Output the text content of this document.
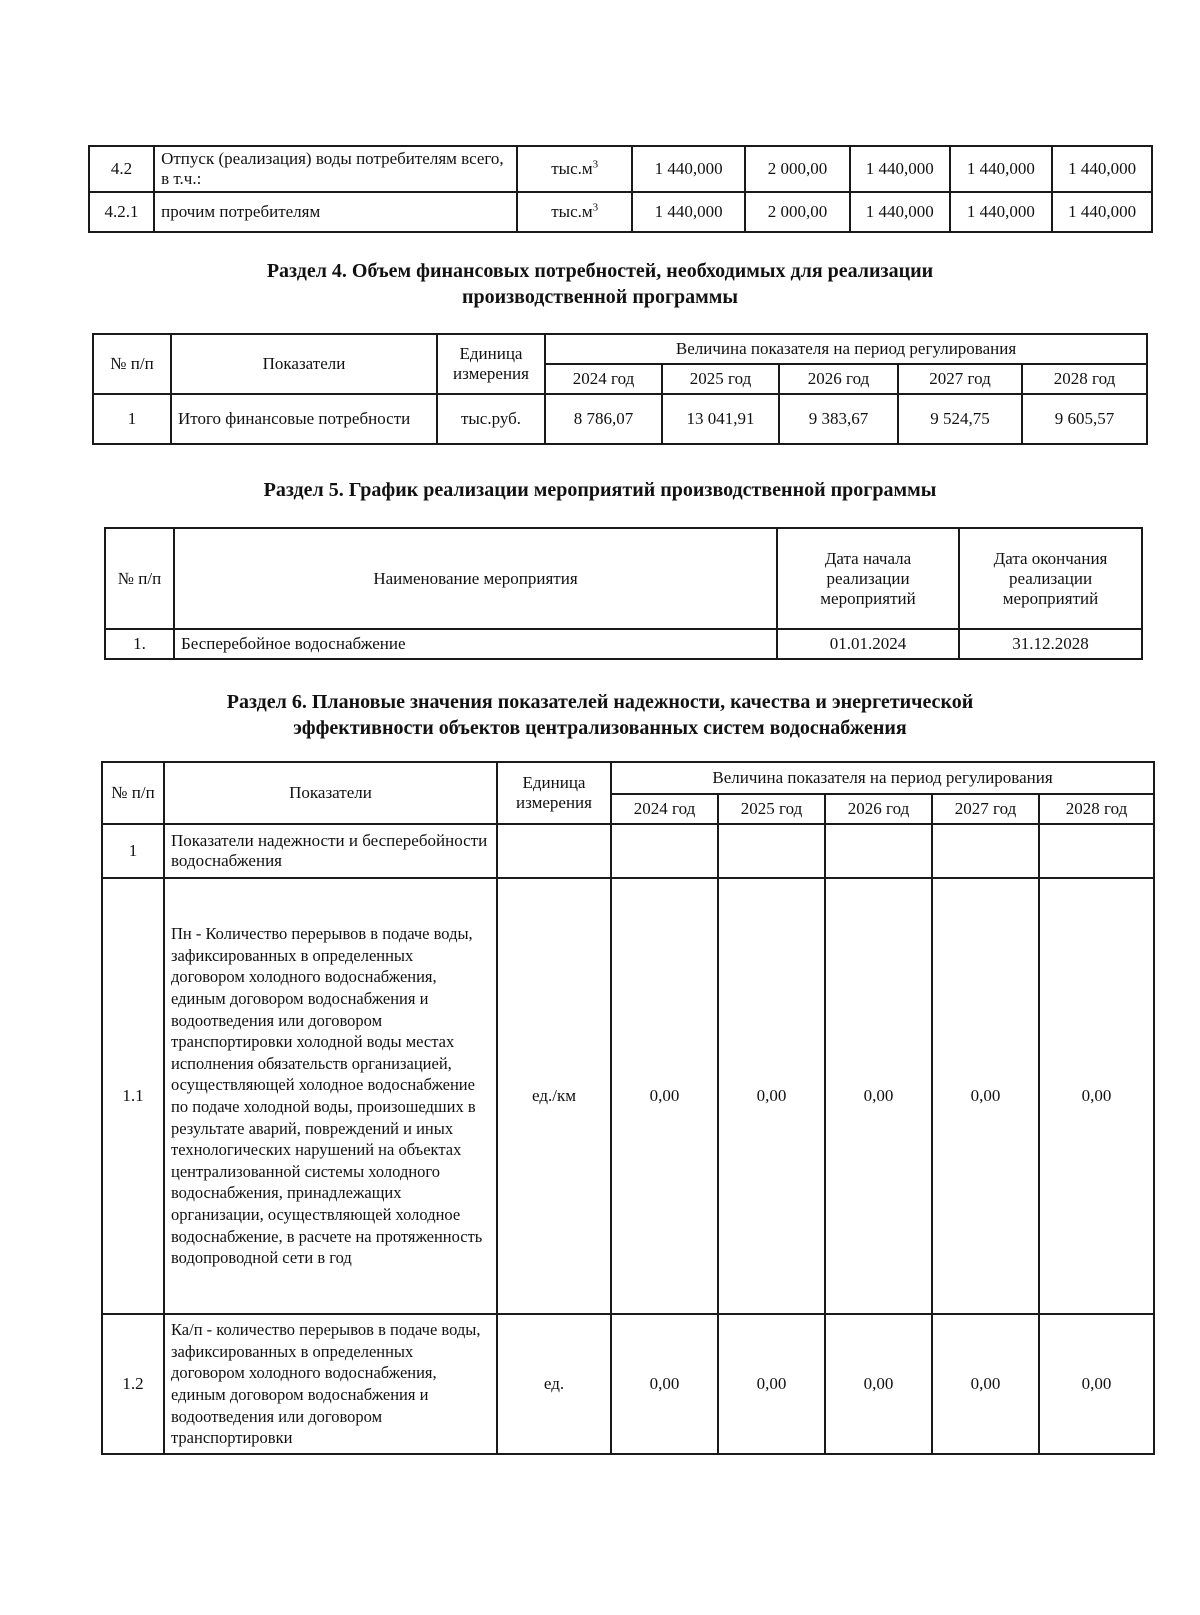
4.2	Отпуск (реализация) воды потребителям всего, в т.ч.:	$тыс.м^3$	1 440,000	2 000,00	1 440,000	1 440,000	1 440,000
4.2.1	прочим потребителям	$тыс.м^3$	1 440,000	2 000,00	1 440,000	1 440,000	1 440,000
Раздел 4. Объем финансовых потребностей, необходимых для реализации
производственной программы
№ п/п	Показатели	Единица измерения	Величина показателя на период регулирования				
			2024 год	2025 год	2026 год	2027 год	2028 год
1	Итого финансовые потребности	тыс.руб.	8 786,07	13 041,91	9 383,67	9 524,75	9 605,57
Раздел 5. График реализации мероприятий производственной программы
№ п/п	Наименование мероприятия	Дата начала реализации мероприятий	Дата окончания реализации мероприятий
1.	Бесперебойное водоснабжение	01.01.2024	31.12.2028
Раздел 6. Плановые значения показателей надежности, качества и энергетической
эффективности объектов централизованных систем водоснабжения
№ п/п	Показатели	Единица измерения	Величина показателя на период регулирования				
			2024 год	2025 год	2026 год	2027 год	2028 год
1	Показатели надежности и бесперебойности водоснабжения						
1.1	Пн - Количество перерывов в подаче воды, зафиксированных в определенных договором холодного водоснабжения, единым договором водоснабжения и водоотведения или договором транспортировки холодной воды местах исполнения обязательств организацией, осуществляющей холодное водоснабжение по подаче холодной воды, произошедших в результате аварий, повреждений и иных технологических нарушений на объектах централизованной системы холодного водоснабжения, принадлежащих организации, осуществляющей холодное водоснабжение, в расчете на протяженность водопроводной сети в год	ед./км	0,00	0,00	0,00	0,00	0,00
1.2	Ка/п - количество перерывов в подаче воды, зафиксированных в определенных договором холодного водоснабжения, единым договором водоснабжения и водоотведения или договором транспортировки	ед.	0,00	0,00	0,00	0,00	0,00
